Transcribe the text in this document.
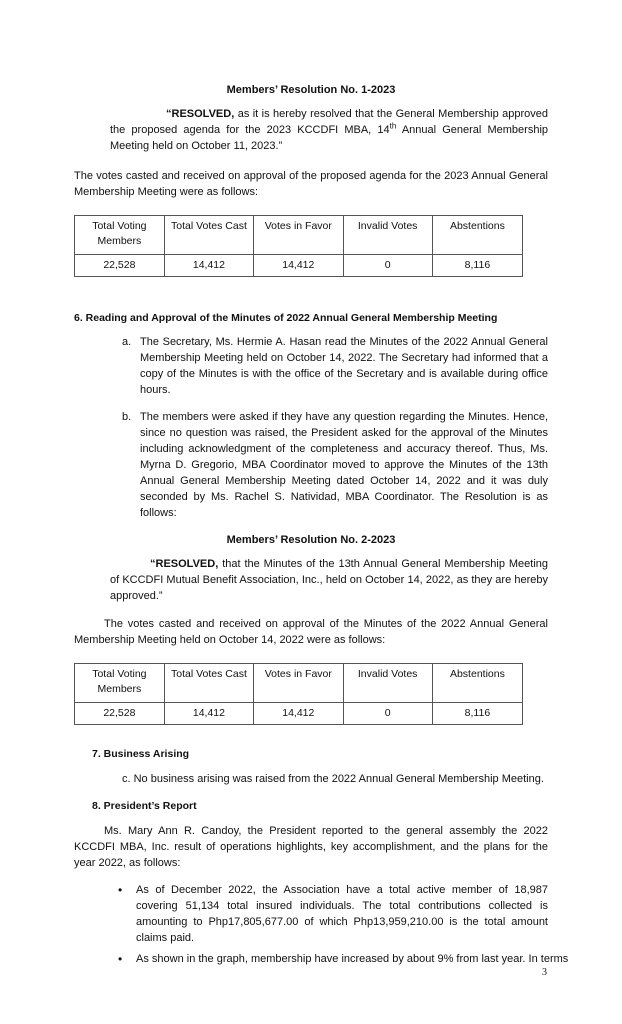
Members’ Resolution No. 1-2023
“RESOLVED, as it is hereby resolved that the General Membership approved the proposed agenda for the 2023 KCCDFI MBA, 14th Annual General Membership Meeting held on October 11, 2023.”
The votes casted and received on approval of the proposed agenda for the 2023 Annual General Membership Meeting were as follows:
Total Voting Members	Total Votes Cast	Votes in Favor	Invalid Votes	Abstentions
22,528	14,412	14,412	0	8,116
6. Reading and Approval of the Minutes of 2022 Annual General Membership Meeting
a. The Secretary, Ms. Hermie A. Hasan read the Minutes of the 2022 Annual General Membership Meeting held on October 14, 2022. The Secretary had informed that a copy of the Minutes is with the office of the Secretary and is available during office hours.
b. The members were asked if they have any question regarding the Minutes. Hence, since no question was raised, the President asked for the approval of the Minutes including acknowledgment of the completeness and accuracy thereof. Thus, Ms. Myrna D. Gregorio, MBA Coordinator moved to approve the Minutes of the 13th Annual General Membership Meeting dated October 14, 2022 and it was duly seconded by Ms. Rachel S. Natividad, MBA Coordinator. The Resolution is as follows:
Members’ Resolution No. 2-2023
“RESOLVED, that the Minutes of the 13th Annual General Membership Meeting of KCCDFI Mutual Benefit Association, Inc., held on October 14, 2022, as they are hereby approved.”
The votes casted and received on approval of the Minutes of the 2022 Annual General Membership Meeting held on October 14, 2022 were as follows:
Total Voting Members	Total Votes Cast	Votes in Favor	Invalid Votes	Abstentions
22,528	14,412	14,412	0	8,116
7. Business Arising
c. No business arising was raised from the 2022 Annual General Membership Meeting.
8. President’s Report
Ms. Mary Ann R. Candoy, the President reported to the general assembly the 2022 KCCDFI MBA, Inc. result of operations highlights, key accomplishment, and the plans for the year 2022, as follows:
• As of December 2022, the Association have a total active member of 18,987 covering 51,134 total insured individuals. The total contributions collected is amounting to Php17,805,677.00 of which Php13,959,210.00 is the total amount claims paid.
• As shown in the graph, membership have increased by about 9% from last year. In terms
3
